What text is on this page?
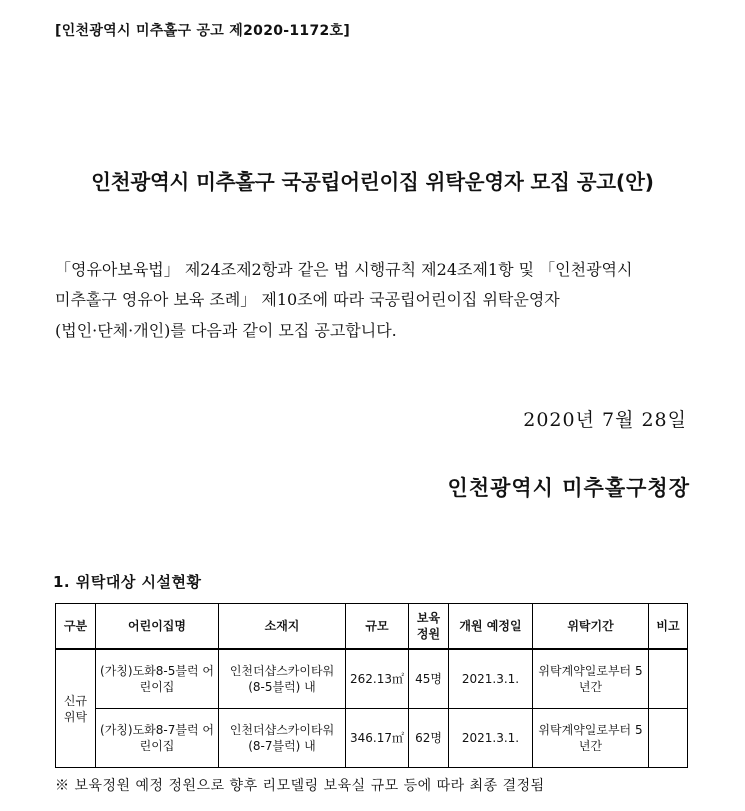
[인천광역시 미추홀구 공고 제2020-1172호]
인천광역시 미추홀구 국공립어린이집 위탁운영자 모집 공고(안)
「영유아보육법」 제24조제2항과 같은 법 시행규칙 제24조제1항 및 「인천광역시
미추홀구 영유아 보육 조례」 제10조에 따라 국공립어린이집 위탁운영자
(법인·단체·개인)를 다음과 같이 모집 공고합니다.
2020년 7월 28일
인천광역시 미추홀구청장
1. 위탁대상 시설현황
구분	어린이집명	소재지	규모	보육 정원	개원 예정일	위탁기간	비고
신규 위탁	(가칭)도화8-5블럭 어린이집	인천더샵스카이타워 (8-5블럭) 내	262.13㎡	45명	2021.3.1.	위탁계약일로부터 5년간	
	(가칭)도화8-7블럭 어린이집	인천더샵스카이타워 (8-7블럭) 내	346.17㎡	62명	2021.3.1.	위탁계약일로부터 5년간	
※ 보육정원 예정 정원으로 향후 리모델링 보육실 규모 등에 따라 최종 결정됨
